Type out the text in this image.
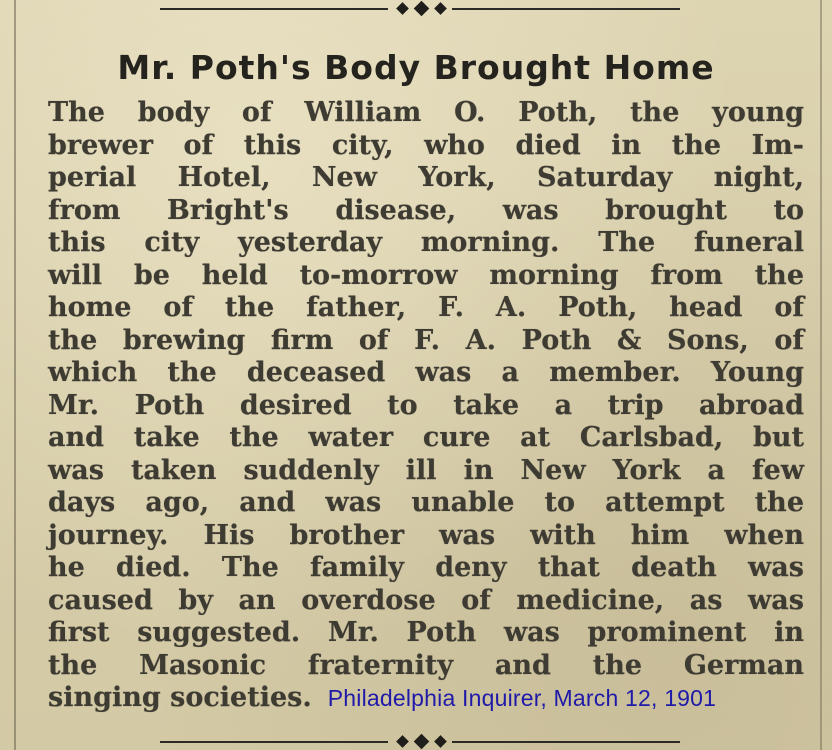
Mr. Poth's Body Brought Home
The body of William O. Poth, the young
brewer of this city, who died in the Im-
perial Hotel, New York, Saturday night,
from Bright's disease, was brought to
this city yesterday morning. The funeral
will be held to-morrow morning from the
home of the father, F. A. Poth, head of
the brewing firm of F. A. Poth & Sons, of
which the deceased was a member. Young
Mr. Poth desired to take a trip abroad
and take the water cure at Carlsbad, but
was taken suddenly ill in New York a few
days ago, and was unable to attempt the
journey. His brother was with him when
he died. The family deny that death was
caused by an overdose of medicine, as was
first suggested. Mr. Poth was prominent in
the Masonic fraternity and the German
singing societies. Philadelphia Inquirer, March 12, 1901
